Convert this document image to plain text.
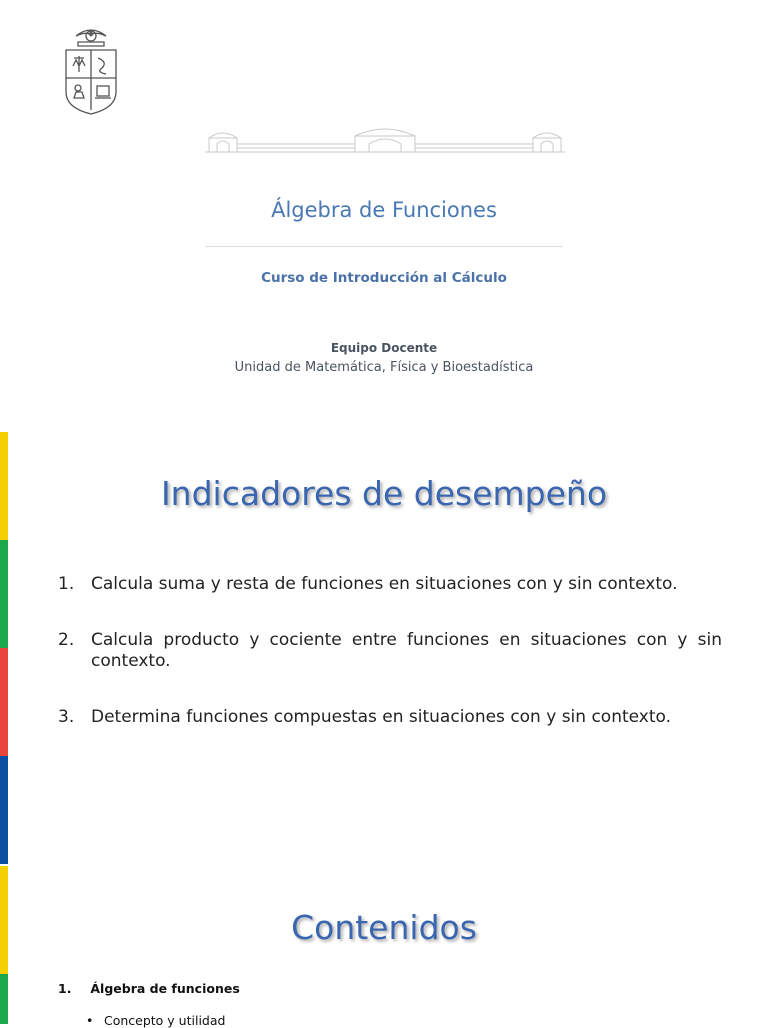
Álgebra de Funciones
Curso de Introducción al Cálculo
Equipo Docente
Unidad de Matemática, Física y Bioestadística
Indicadores de desempeño
1. Calcula suma y resta de funciones en situaciones con y sin contexto.
2. Calcula producto y cociente entre funciones en situaciones con y sin contexto.
3. Determina funciones compuestas en situaciones con y sin contexto.
Contenidos
1. Álgebra de funciones
• Concepto y utilidad
